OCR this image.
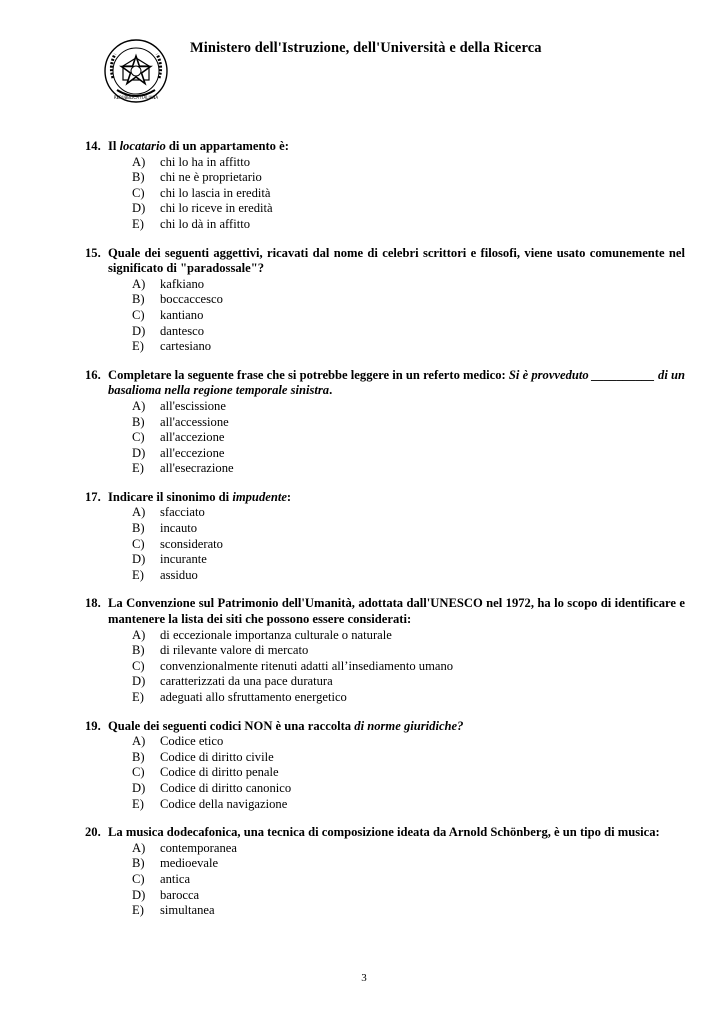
REPUBBLICA ITALIANA
Ministero dell'Istruzione, dell'Università e della Ricerca
14. Il locatario di un appartamento è:
A)	chi lo ha in affitto
B)	chi ne è proprietario
C)	chi lo lascia in eredità
D)	chi lo riceve in eredità
E)	chi lo dà in affitto
15. Quale dei seguenti aggettivi, ricavati dal nome di celebri scrittori e filosofi, viene usato comunemente nel significato di "paradossale"?
A)	kafkiano
B)	boccaccesco
C)	kantiano
D)	dantesco
E)	cartesiano
16. Completare la seguente frase che si potrebbe leggere in un referto medico: Si è provveduto __________ di un basalioma nella regione temporale sinistra.
A)	all'escissione
B)	all'accessione
C)	all'accezione
D)	all'eccezione
E)	all'esecrazione
17. Indicare il sinonimo di impudente:
A)	sfacciato
B)	incauto
C)	sconsiderato
D)	incurante
E)	assiduo
18. La Convenzione sul Patrimonio dell'Umanità, adottata dall'UNESCO nel 1972, ha lo scopo di identificare e mantenere la lista dei siti che possono essere considerati:
A)	di eccezionale importanza culturale o naturale
B)	di rilevante valore di mercato
C)	convenzionalmente ritenuti adatti all’insediamento umano
D)	caratterizzati da una pace duratura
E)	adeguati allo sfruttamento energetico
19. Quale dei seguenti codici NON è una raccolta di norme giuridiche?
A)	Codice etico
B)	Codice di diritto civile
C)	Codice di diritto penale
D)	Codice di diritto canonico
E)	Codice della navigazione
20. La musica dodecafonica, una tecnica di composizione ideata da Arnold Schönberg, è un tipo di musica:
A)	contemporanea
B)	medioevale
C)	antica
D)	barocca
E)	simultanea
3
